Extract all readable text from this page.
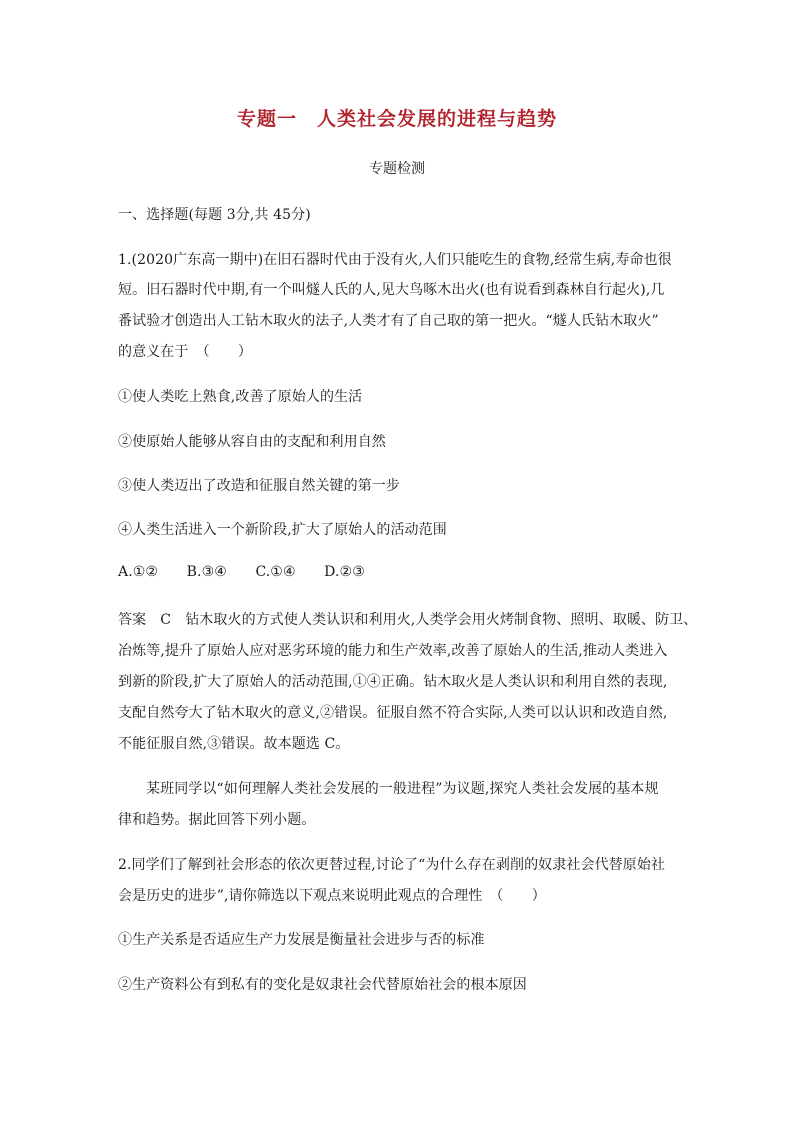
专题一　人类社会发展的进程与趋势
专题检测
一、选择题(每题 3分,共 45分)
1.(2020广东高一期中)在旧石器时代由于没有火,人们只能吃生的食物,经常生病,寿命也很
短。旧石器时代中期,有一个叫燧人氏的人,见大鸟啄木出火(也有说看到森林自行起火),几
番试验才创造出人工钻木取火的法子,人类才有了自己取的第一把火。“燧人氏钻木取火”
的意义在于　（　　）
①使人类吃上熟食,改善了原始人的生活
②使原始人能够从容自由的支配和利用自然
③使人类迈出了改造和征服自然关键的第一步
④人类生活进入一个新阶段,扩大了原始人的活动范围
A.①② B.③④ C.①④ D.②③
答案　C　钻木取火的方式使人类认识和利用火,人类学会用火烤制食物、照明、取暖、防卫、
冶炼等,提升了原始人应对恶劣环境的能力和生产效率,改善了原始人的生活,推动人类进入
到新的阶段,扩大了原始人的活动范围,①④正确。钻木取火是人类认识和利用自然的表现,
支配自然夸大了钻木取火的意义,②错误。征服自然不符合实际,人类可以认识和改造自然,
不能征服自然,③错误。故本题选 C。
某班同学以“如何理解人类社会发展的一般进程”为议题,探究人类社会发展的基本规
律和趋势。据此回答下列小题。
2.同学们了解到社会形态的依次更替过程,讨论了“为什么存在剥削的奴隶社会代替原始社
会是历史的进步”,请你筛选以下观点来说明此观点的合理性　（　　）
①生产关系是否适应生产力发展是衡量社会进步与否的标准
②生产资料公有到私有的变化是奴隶社会代替原始社会的根本原因
